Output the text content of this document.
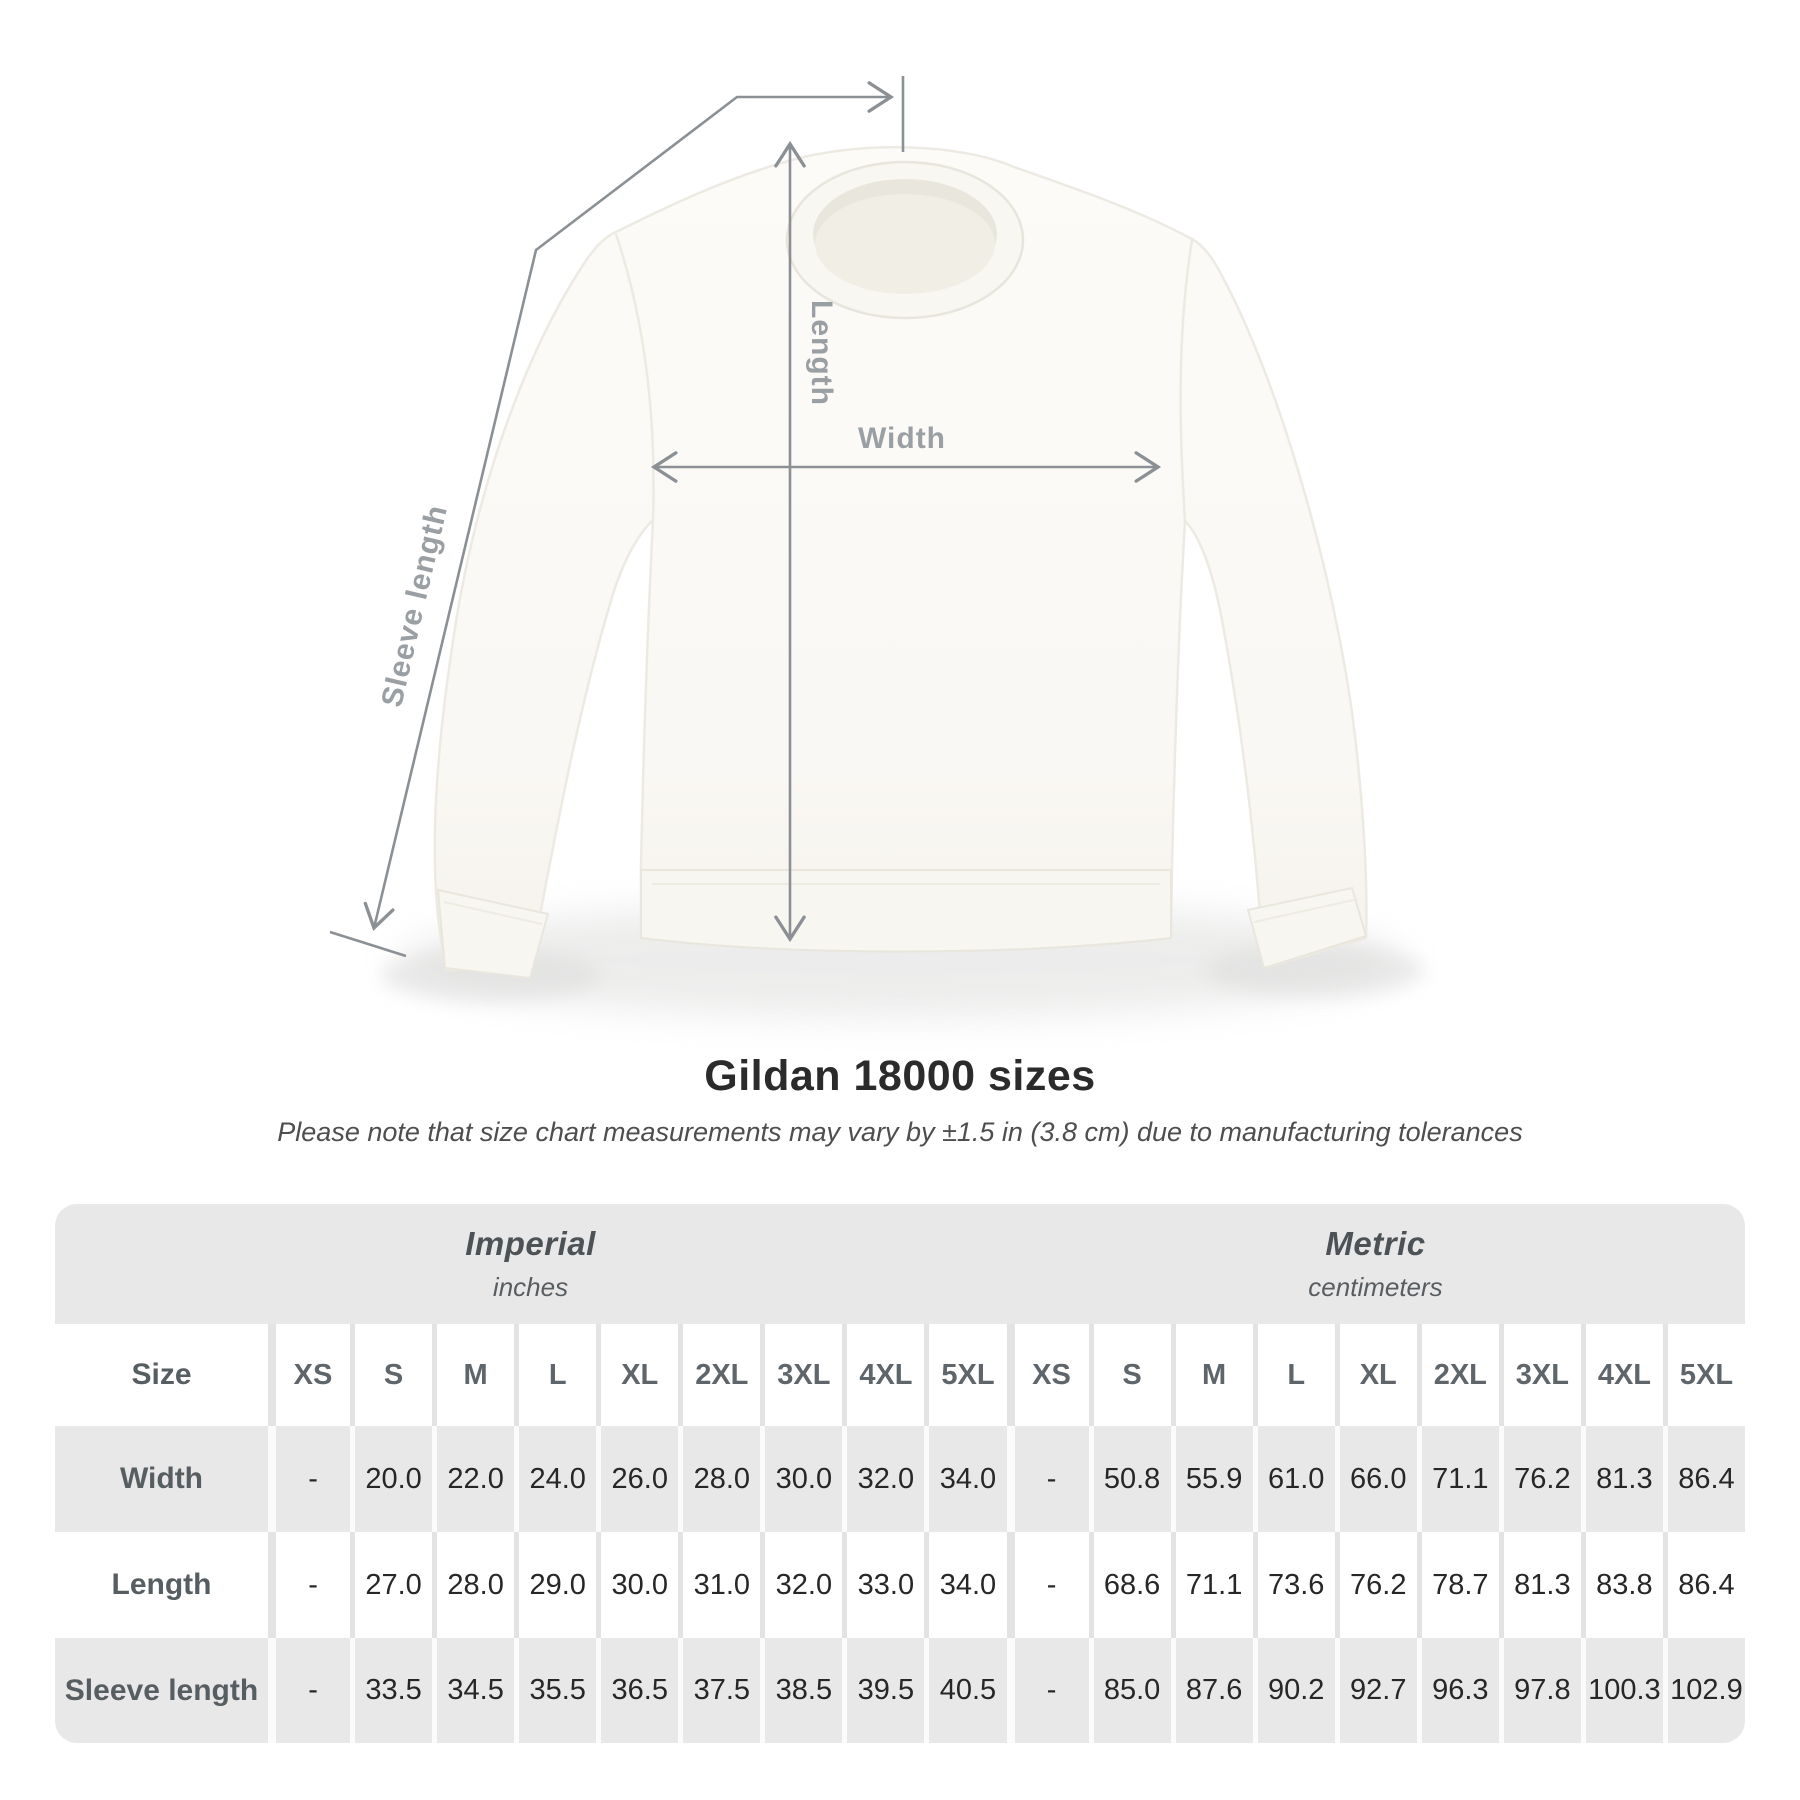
Length
Width
Sleeve length
Gildan 18000 sizes
Please note that size chart measurements may vary by ±1.5 in (3.8 cm) due to manufacturing tolerances
Imperial
inches
Metric
centimeters
Size	XS	S	M	L	XL	2XL 3XL 4XL 5XL	XS	S	M	L	XL	2XL 3XL 4XL 5XL
Width	-	20.0 22.0 24.0 26.0 28.0 30.0 32.0 34.0	-	50.8 55.9 61.0 66.0 71.1 76.2 81.3 86.4
Length	-	27.0 28.0 29.0 30.0 31.0 32.0 33.0 34.0	-	68.6 71.1 73.6 76.2 78.7 81.3 83.8 86.4
Sleeve length	-	33.5 34.5 35.5 36.5 37.5 38.5 39.5 40.5	-	85.0 87.6 90.2 92.7 96.3 97.8 100.3 102.9
